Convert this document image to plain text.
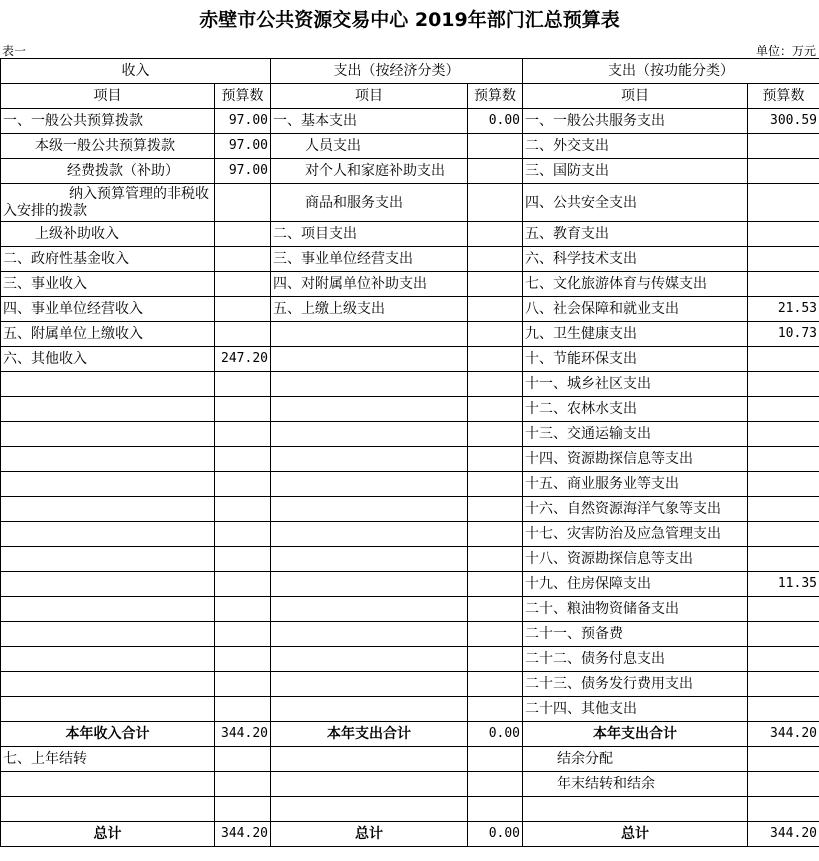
赤壁市公共资源交易中心 2019年部门汇总预算表
表一	单位：万元
收入		支出（按经济分类）		支出（按功能分类）	
项目	预算数	项目	预算数	项目	预算数
一、一般公共预算拨款	97.00	一、基本支出	0.00	一、一般公共服务支出	300.59
本级一般公共预算拨款	97.00	人员支出		二、外交支出	
经费拨款（补助）	97.00	对个人和家庭补助支出		三、国防支出	
纳入预算管理的非税收入安排的拨款		商品和服务支出		四、公共安全支出	
上级补助收入		二、项目支出		五、教育支出	
二、政府性基金收入		三、事业单位经营支出		六、科学技术支出	
三、事业收入		四、对附属单位补助支出		七、文化旅游体育与传媒支出	
四、事业单位经营收入		五、上缴上级支出		八、社会保障和就业支出	21.53
五、附属单位上缴收入				九、卫生健康支出	10.73
六、其他收入	247.20			十、节能环保支出	
				十一、城乡社区支出	
				十二、农林水支出	
				十三、交通运输支出	
				十四、资源勘探信息等支出	
				十五、商业服务业等支出	
				十六、自然资源海洋气象等支出	
				十七、灾害防治及应急管理支出	
				十八、资源勘探信息等支出	
				十九、住房保障支出	11.35
				二十、粮油物资储备支出	
				二十一、预备费	
				二十二、债务付息支出	
				二十三、债务发行费用支出	
				二十四、其他支出	
本年收入合计	344.20	本年支出合计	0.00	本年支出合计	344.20
七、上年结转				结余分配	
				年末结转和结余	

总计	344.20	总计	0.00	总计	344.20
